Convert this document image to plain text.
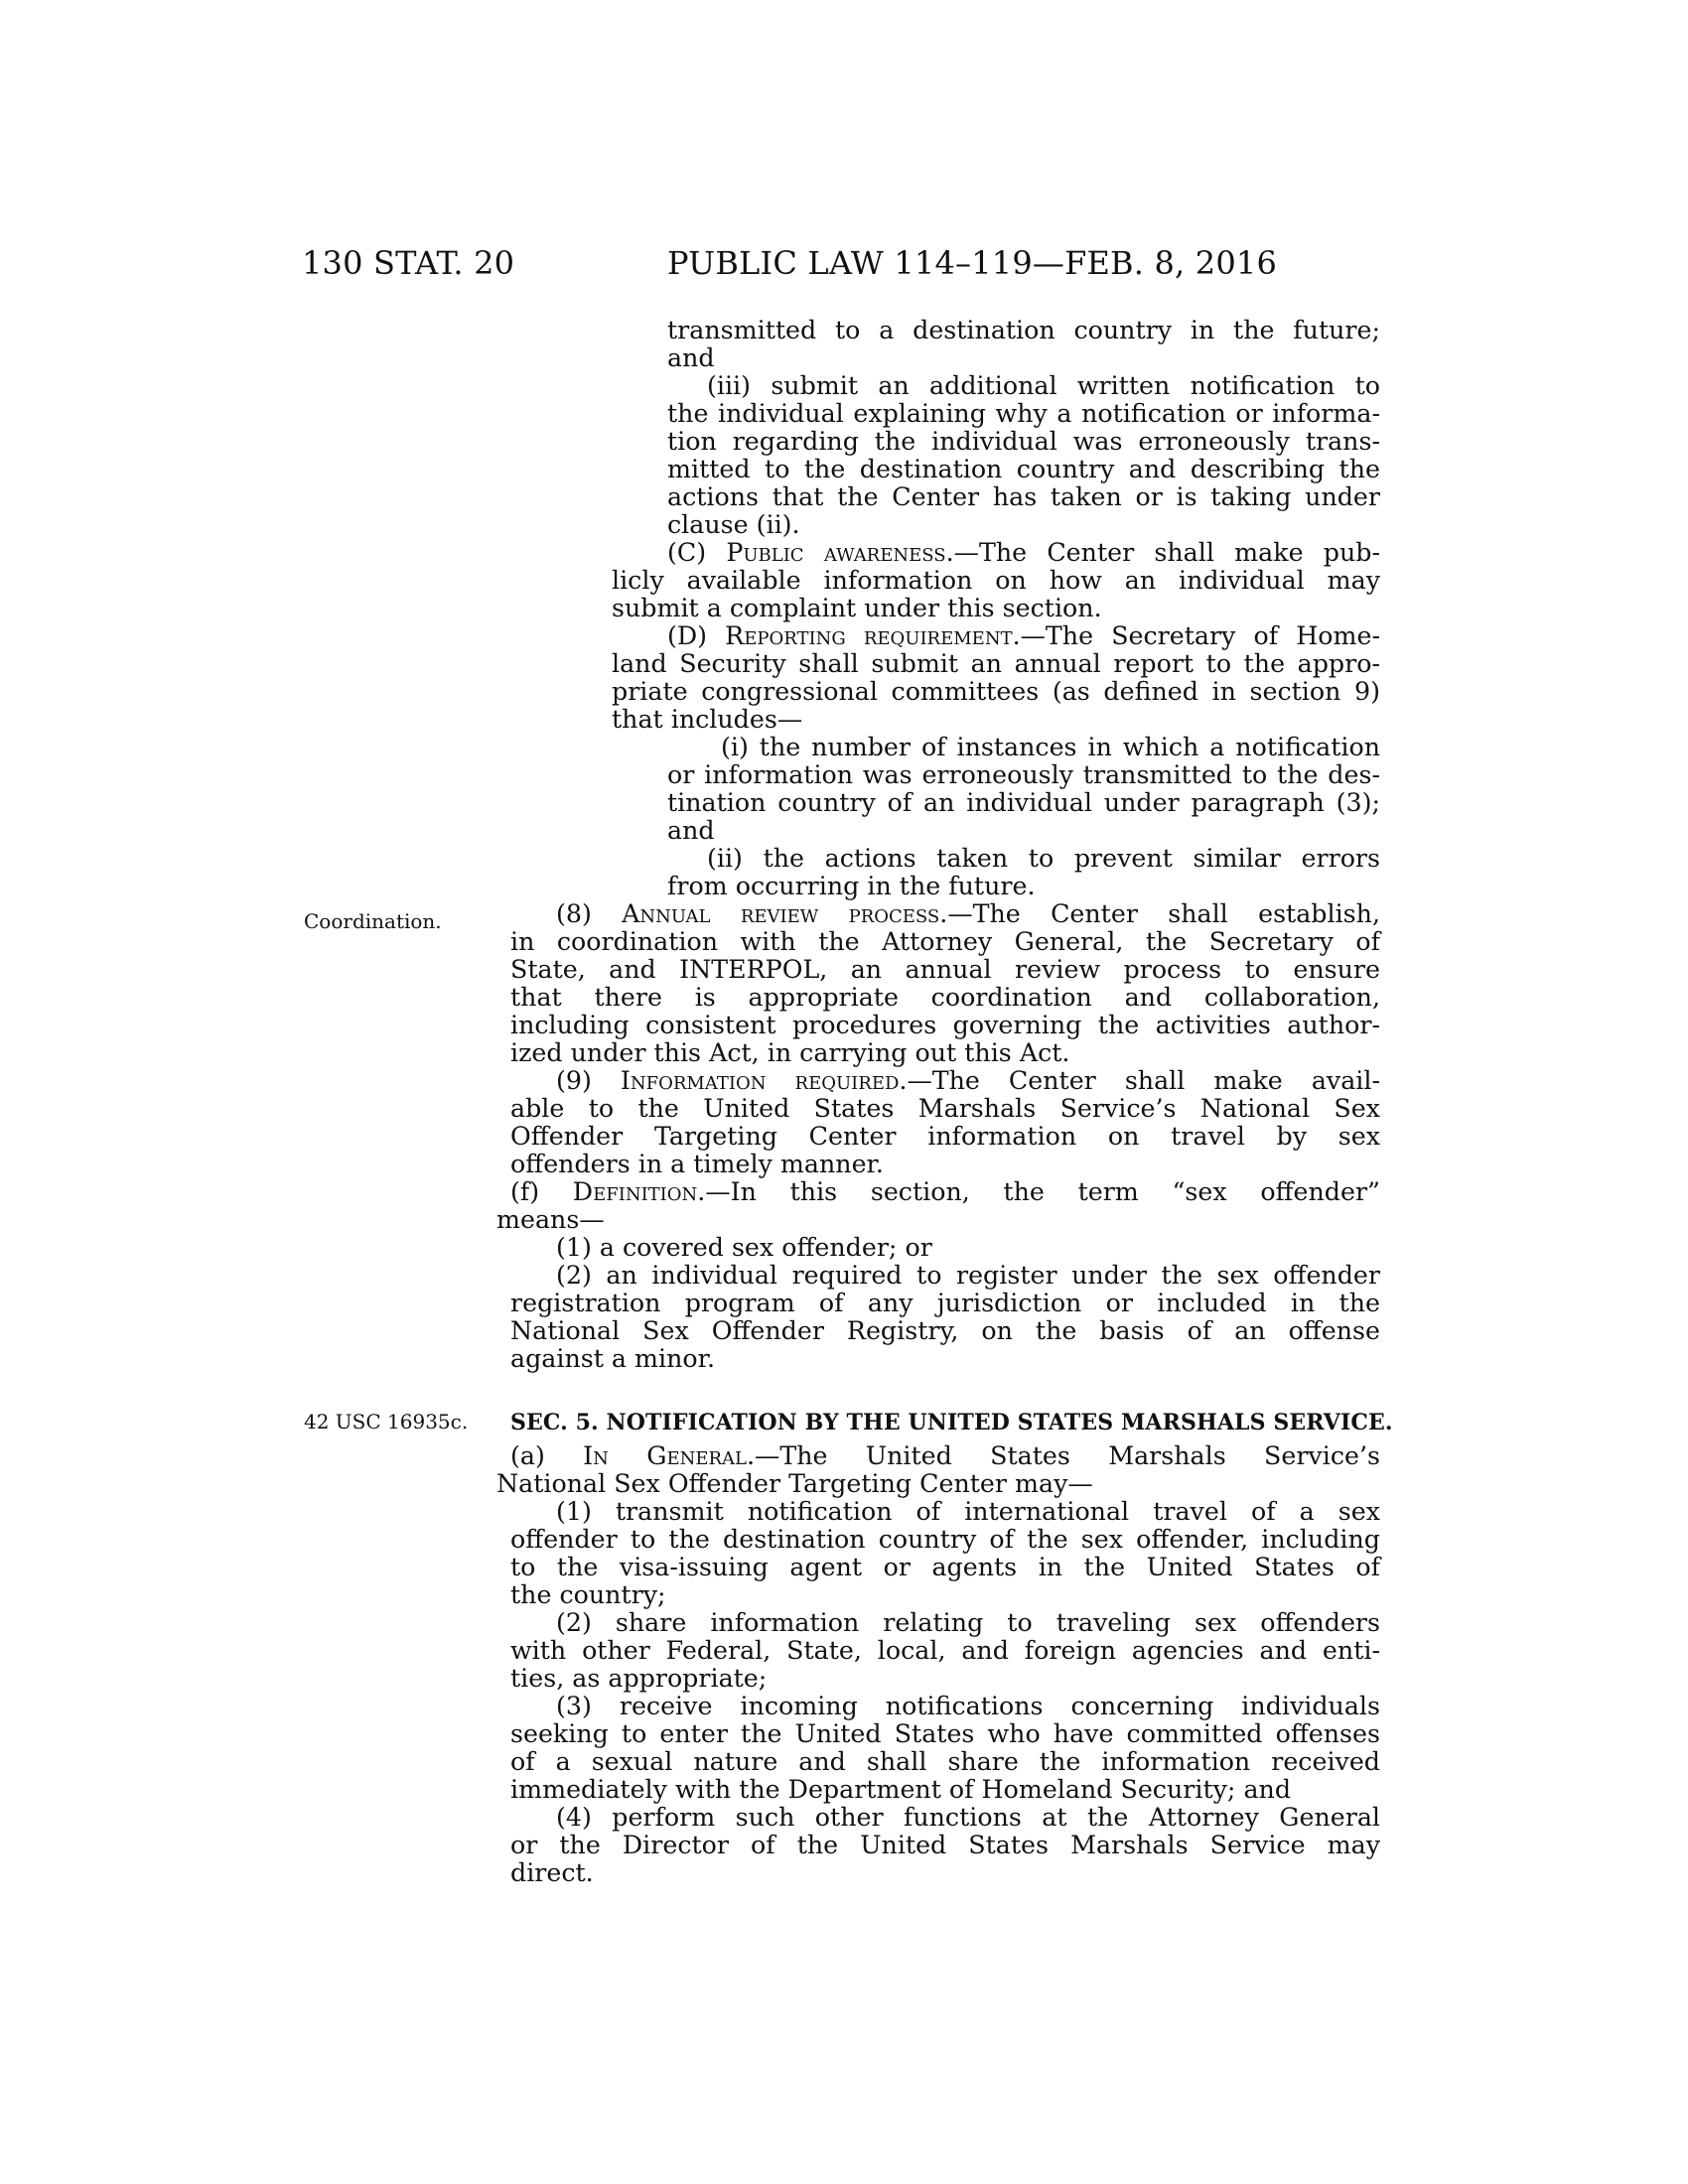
130 STAT. 20	PUBLIC LAW 114–119—FEB. 8, 2016
Coordination.
42 USC 16935c.
transmitted to a destination country in the future;
and
(iii) submit an additional written notification to
the individual explaining why a notification or informa-
tion regarding the individual was erroneously trans-
mitted to the destination country and describing the
actions that the Center has taken or is taking under
clause (ii).
(C) Public awareness.—The Center shall make pub-
licly available information on how an individual may
submit a complaint under this section.
(D) Reporting requirement.—The Secretary of Home-
land Security shall submit an annual report to the appro-
priate congressional committees (as defined in section 9)
that includes—
(i) the number of instances in which a notification
or information was erroneously transmitted to the des-
tination country of an individual under paragraph (3);
and
(ii) the actions taken to prevent similar errors
from occurring in the future.
(8) Annual review process.—The Center shall establish,
in coordination with the Attorney General, the Secretary of
State, and INTERPOL, an annual review process to ensure
that there is appropriate coordination and collaboration,
including consistent procedures governing the activities author-
ized under this Act, in carrying out this Act.
(9) Information required.—The Center shall make avail-
able to the United States Marshals Service’s National Sex
Offender Targeting Center information on travel by sex
offenders in a timely manner.
(f) Definition.—In this section, the term “sex offender”
means—
(1) a covered sex offender; or
(2) an individual required to register under the sex offender
registration program of any jurisdiction or included in the
National Sex Offender Registry, on the basis of an offense
against a minor.
(a) In General.—The United States Marshals Service’s
National Sex Offender Targeting Center may—
(1) transmit notification of international travel of a sex
offender to the destination country of the sex offender, including
to the visa-issuing agent or agents in the United States of
the country;
(2) share information relating to traveling sex offenders
with other Federal, State, local, and foreign agencies and enti-
ties, as appropriate;
(3) receive incoming notifications concerning individuals
seeking to enter the United States who have committed offenses
of a sexual nature and shall share the information received
immediately with the Department of Homeland Security; and
(4) perform such other functions at the Attorney General
or the Director of the United States Marshals Service may
direct.
SEC. 5. NOTIFICATION BY THE UNITED STATES MARSHALS SERVICE.
